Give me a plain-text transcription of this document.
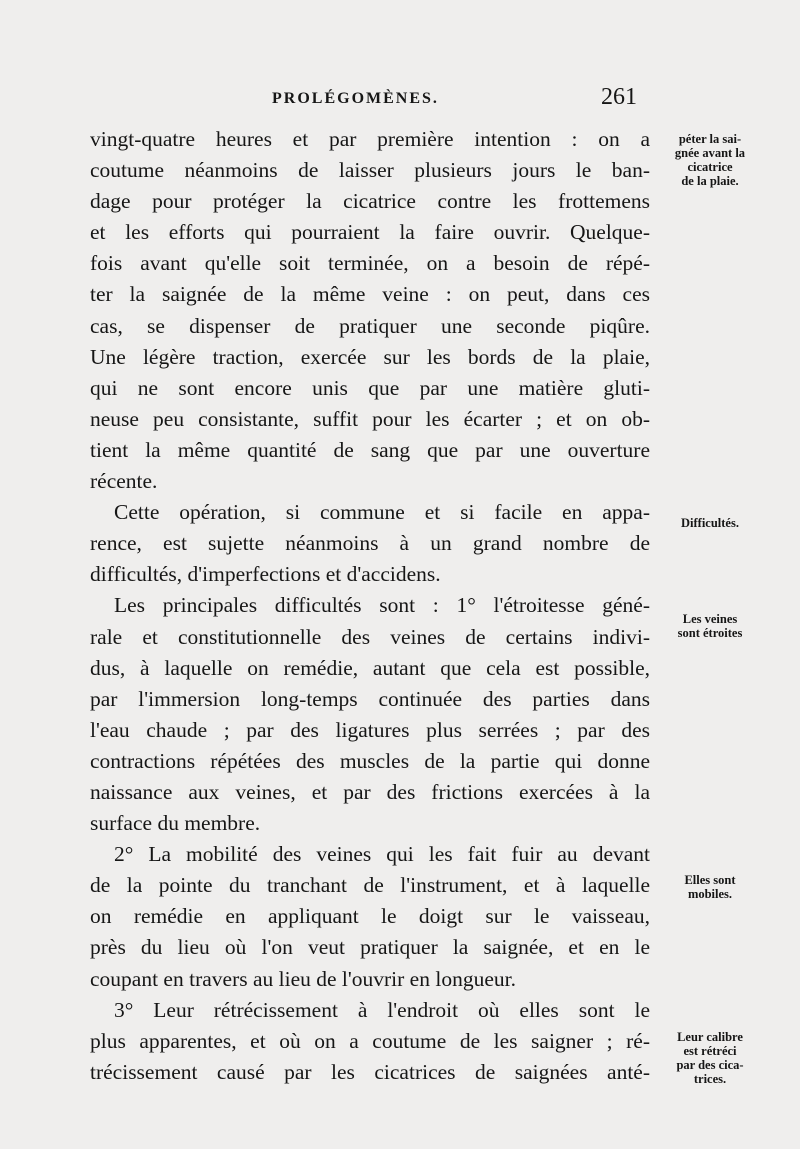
PROLÉGOMÈNES.	261
vingt-quatre heures et par première intention : on a
coutume néanmoins de laisser plusieurs jours le ban-
dage pour protéger la cicatrice contre les frottemens
et les efforts qui pourraient la faire ouvrir. Quelque-
fois avant qu'elle soit terminée, on a besoin de répé-
ter la saignée de la même veine : on peut, dans ces
cas, se dispenser de pratiquer une seconde piqûre.
Une légère traction, exercée sur les bords de la plaie,
qui ne sont encore unis que par une matière gluti-
neuse peu consistante, suffit pour les écarter ; et on ob-
tient la même quantité de sang que par une ouverture
récente.
Cette opération, si commune et si facile en appa-
rence, est sujette néanmoins à un grand nombre de
difficultés, d'imperfections et d'accidens.
Les principales difficultés sont : 1° l'étroitesse géné-
rale et constitutionnelle des veines de certains indivi-
dus, à laquelle on remédie, autant que cela est possible,
par l'immersion long-temps continuée des parties dans
l'eau chaude ; par des ligatures plus serrées ; par des
contractions répétées des muscles de la partie qui donne
naissance aux veines, et par des frictions exercées à la
surface du membre.
2° La mobilité des veines qui les fait fuir au devant
de la pointe du tranchant de l'instrument, et à laquelle
on remédie en appliquant le doigt sur le vaisseau,
près du lieu où l'on veut pratiquer la saignée, et en le
coupant en travers au lieu de l'ouvrir en longueur.
3° Leur rétrécissement à l'endroit où elles sont le
plus apparentes, et où on a coutume de les saigner ; ré-
trécissement causé par les cicatrices de saignées anté-
péter la sai-
gnée avant la
cicatrice
de la plaie.
Difficultés.
Les veines
sont étroites
Elles sont
mobiles.
Leur calibre
est rétréci
par des cica-
trices.
